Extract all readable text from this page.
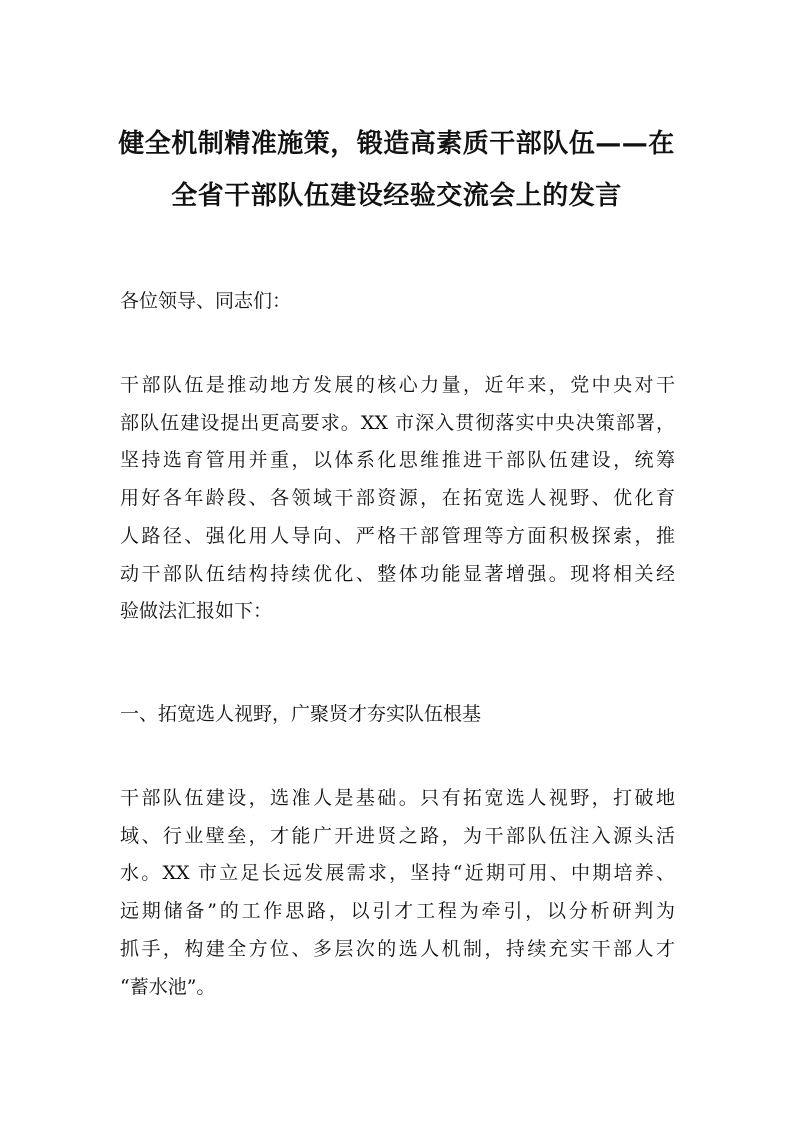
健全机制精准施策，锻造高素质干部队伍——在
全省干部队伍建设经验交流会上的发言

各位领导、同志们：

干部队伍是推动地方发展的核心力量，近年来，党中央对干
部队伍建设提出更高要求。XX 市深入贯彻落实中央决策部署，
坚持选育管用并重，以体系化思维推进干部队伍建设，统筹
用好各年龄段、各领域干部资源，在拓宽选人视野、优化育
人路径、强化用人导向、严格干部管理等方面积极探索，推
动干部队伍结构持续优化、整体功能显著增强。现将相关经
验做法汇报如下：

一、拓宽选人视野，广聚贤才夯实队伍根基

干部队伍建设，选准人是基础。只有拓宽选人视野，打破地
域、行业壁垒，才能广开进贤之路，为干部队伍注入源头活
水。XX 市立足长远发展需求，坚持“近期可用、中期培养、
远期储备”的工作思路，以引才工程为牵引，以分析研判为
抓手，构建全方位、多层次的选人机制，持续充实干部人才
“蓄水池”。
